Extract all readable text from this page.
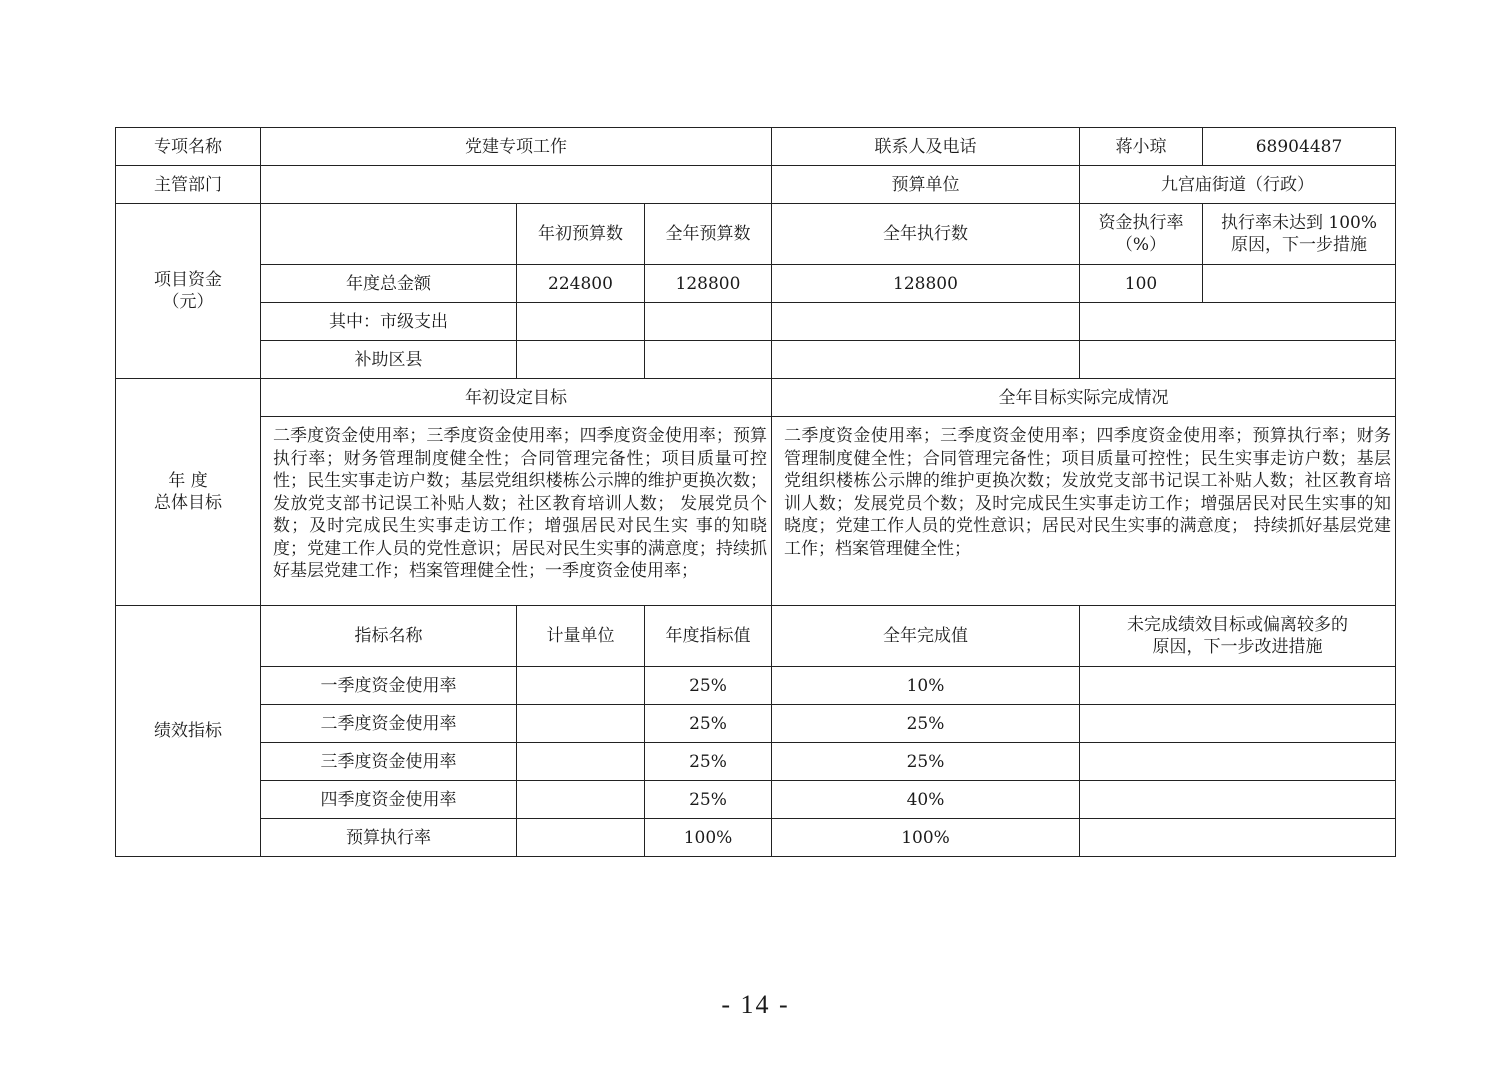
专项名称	党建专项工作			联系人及电话	蒋小琼	68904487
主管部门				预算单位	九宫庙街道（行政）	
项目资金（元）		年初预算数	全年预算数	全年执行数	资金执行率（%）	执行率未达到 100%原因，下一步措施
	年度总金额	224800	128800	128800	100	
	其中：市级支出					
	补助区县					

年 度
总体目标	年初设定目标			全年目标实际完成情况		
	二季度资金使用率；三季度资金使用率；四季度资金使用率；预算执行率；财务管理制度健全性；合同管理完备性；项目质量可控性；民生实事走访户数；基层党组织楼栋公示牌的维护更换次数；发放党支部书记误工补贴人数；社区教育培训人数； 发展党员个数；及时完成民生实事走访工作；增强居民对民生实 事的知晓度；党建工作人员的党性意识；居民对民生实事的满意度；持续抓好基层党建工作；档案管理健全性；一季度资金使用率；			二季度资金使用率；三季度资金使用率；四季度资金使用率；预算执行率；财务管理制度健全性；合同管理完备性；项目质量可控性；民生实事走访户数；基层党组织楼栋公示牌的维护更换次数；发放党支部书记误工补贴人数；社区教育培训人数；发展党员个数；及时完成民生实事走访工作；增强居民对民生实事的知晓度；党建工作人员的党性意识；居民对民生实事的满意度； 持续抓好基层党建工作；档案管理健全性；		
绩效指标	指标名称	计量单位	年度指标值	全年完成值	未完成绩效目标或偏离较多的原因，下一步改进措施	
	一季度资金使用率		25%	10%		
	二季度资金使用率		25%	25%		
	三季度资金使用率		25%	25%		
	四季度资金使用率		25%	40%		
	预算执行率		100%	100%		
- 14 -
